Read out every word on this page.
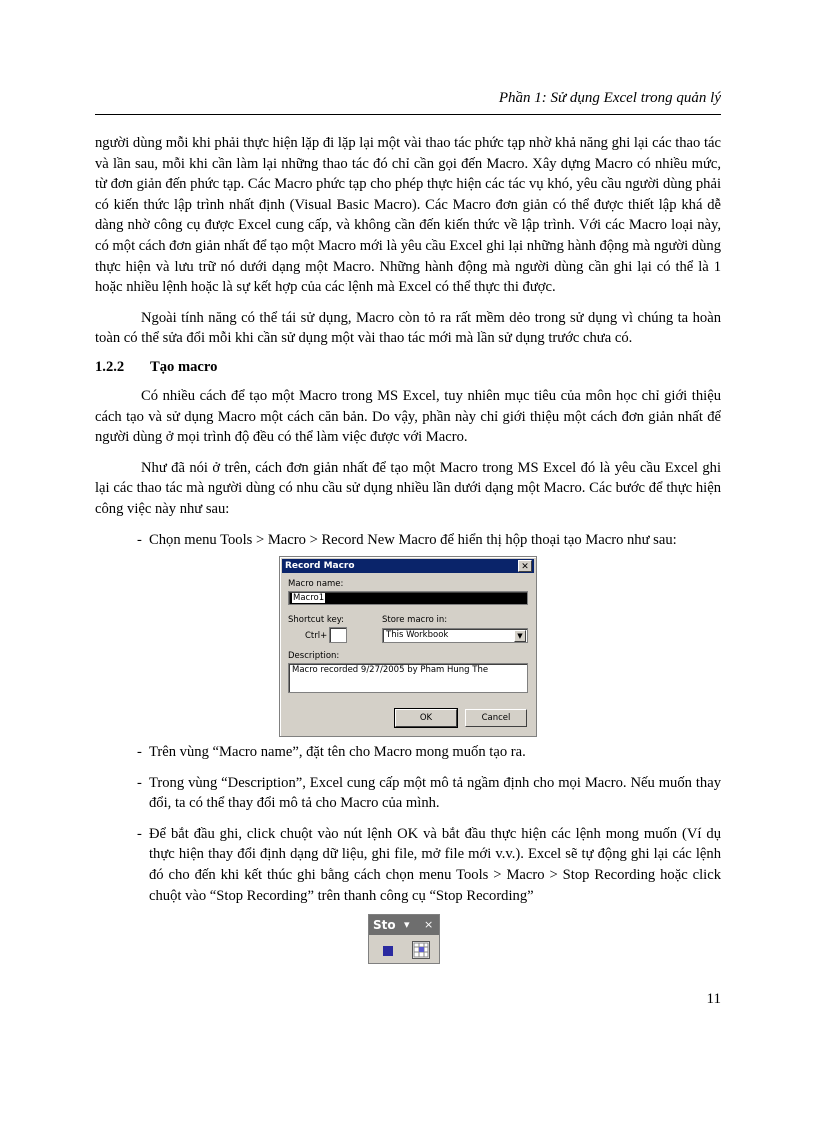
Phần 1: Sử dụng Excel trong quản lý

người dùng mỗi khi phải thực hiện lặp đi lặp lại một vài thao tác phức tạp nhờ khả năng ghi lại các thao tác và lần sau, mỗi khi cần làm lại những thao tác đó chỉ cần gọi đến Macro. Xây dựng Macro có nhiều mức, từ đơn giản đến phức tạp. Các Macro phức tạp cho phép thực hiện các tác vụ khó, yêu cầu người dùng phải có kiến thức lập trình nhất định (Visual Basic Macro). Các Macro đơn giản có thể được thiết lập khá dễ dàng nhờ công cụ được Excel cung cấp, và không cần đến kiến thức về lập trình. Với các Macro loại này, có một cách đơn giản nhất để tạo một Macro mới là yêu cầu Excel ghi lại những hành động mà người dùng thực hiện và lưu trữ nó dưới dạng một Macro. Những hành động mà người dùng cần ghi lại có thể là 1 hoặc nhiều lệnh hoặc là sự kết hợp của các lệnh mà Excel có thể thực thi được.

Ngoài tính năng có thể tái sử dụng, Macro còn tỏ ra rất mềm dẻo trong sử dụng vì chúng ta hoàn toàn có thể sửa đổi mỗi khi cần sử dụng một vài thao tác mới mà lần sử dụng trước chưa có.

1.2.2 Tạo macro

Có nhiều cách để tạo một Macro trong MS Excel, tuy nhiên mục tiêu của môn học chỉ giới thiệu cách tạo và sử dụng Macro một cách căn bản. Do vậy, phần này chỉ giới thiệu một cách đơn giản nhất để người dùng ở mọi trình độ đều có thể làm việc được với Macro.

Như đã nói ở trên, cách đơn giản nhất để tạo một Macro trong MS Excel đó là yêu cầu Excel ghi lại các thao tác mà người dùng có nhu cầu sử dụng nhiều lần dưới dạng một Macro. Các bước để thực hiện công việc này như sau:

- Chọn menu Tools > Macro > Record New Macro để hiển thị hộp thoại tạo Macro như sau:

Record Macro	✕
Macro name:
Macro1
Shortcut key:
Ctrl+
Store macro in:
This Workbook	▼
Description:
Macro recorded 9/27/2005 by Pham Hung The
OK	Cancel

- Trên vùng “Macro name”, đặt tên cho Macro mong muốn tạo ra.

- Trong vùng “Description”, Excel cung cấp một mô tả ngầm định cho mọi Macro. Nếu muốn thay đổi, ta có thể thay đổi mô tả cho Macro của mình.

- Để bắt đầu ghi, click chuột vào nút lệnh OK và bắt đầu thực hiện các lệnh mong muốn (Ví dụ thực hiện thay đổi định dạng dữ liệu, ghi file, mở file mới v.v.). Excel sẽ tự động ghi lại các lệnh đó cho đến khi kết thúc ghi bằng cách chọn menu Tools > Macro > Stop Recording hoặc click chuột vào “Stop Recording” trên thanh công cụ “Stop Recording”

Sto ▾ ×
11
